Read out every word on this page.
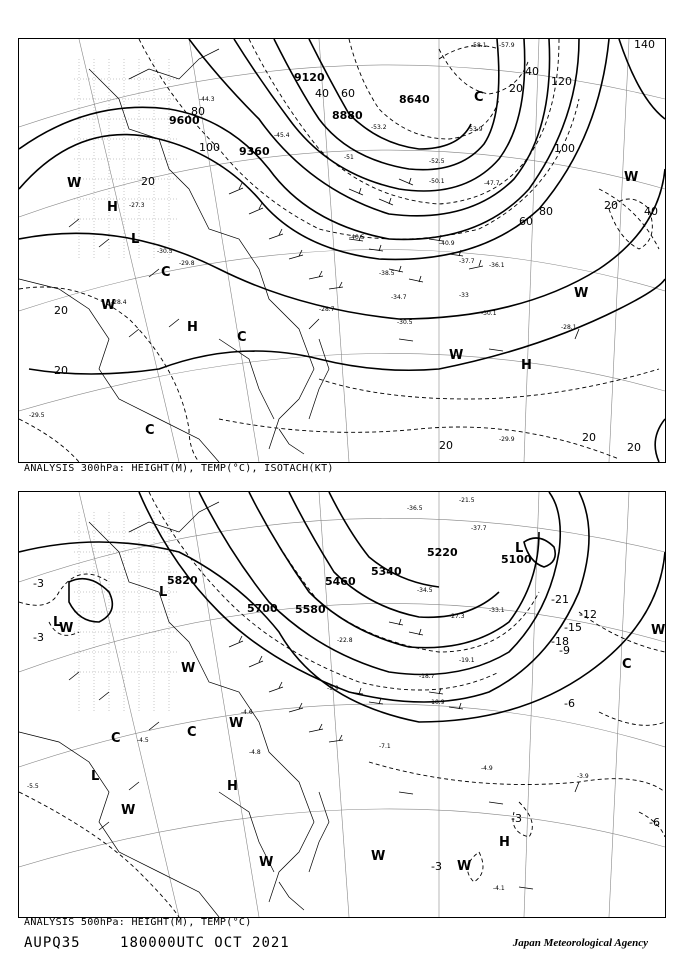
9120
9600
9360
8880
8640
140
120
100
80
60
40
20
100
80
60
40
20
20
20
20
20
20
20
40
-58.1 -57.9
-53.9
-53.2
-52.5
-51
-50.1	-47.7
-45.4
-44.3
-40.5
-40.9
-38.5
-37.7
-36.1
-34.7
-30.5
-30.1
-33
-28.1
-28.7
-29.9
-30.5
-29.8
-28.4
-29.5
-27.3
C
W
H
L
C
H
C
W
H
C
W
W
W
ANALYSIS 300hPa: HEIGHT(M), TEMP(°C), ISOTACH(KT)
5820
5700 5580
5460
5340
5220
5100
-3
-3
-9
-12
-18
-21
-15
-6
-3	-6
-3
-21.5
-36.5
-37.7
-34.5
-33.1
-27.3
-22.8
-19.1
-18.7
-10.9
-9.9
-7.1
-4.9
-4.6
-3.9
-4.8
-4.1
-5.5
-4.5
L
L
W
L
W
C	C
W
H
W
W	W
H
C
W
W
L
ANALYSIS 500hPa: HEIGHT(M), TEMP(°C)
AUPQ35	180000UTC OCT 2021	Japan Meteorological Agency
